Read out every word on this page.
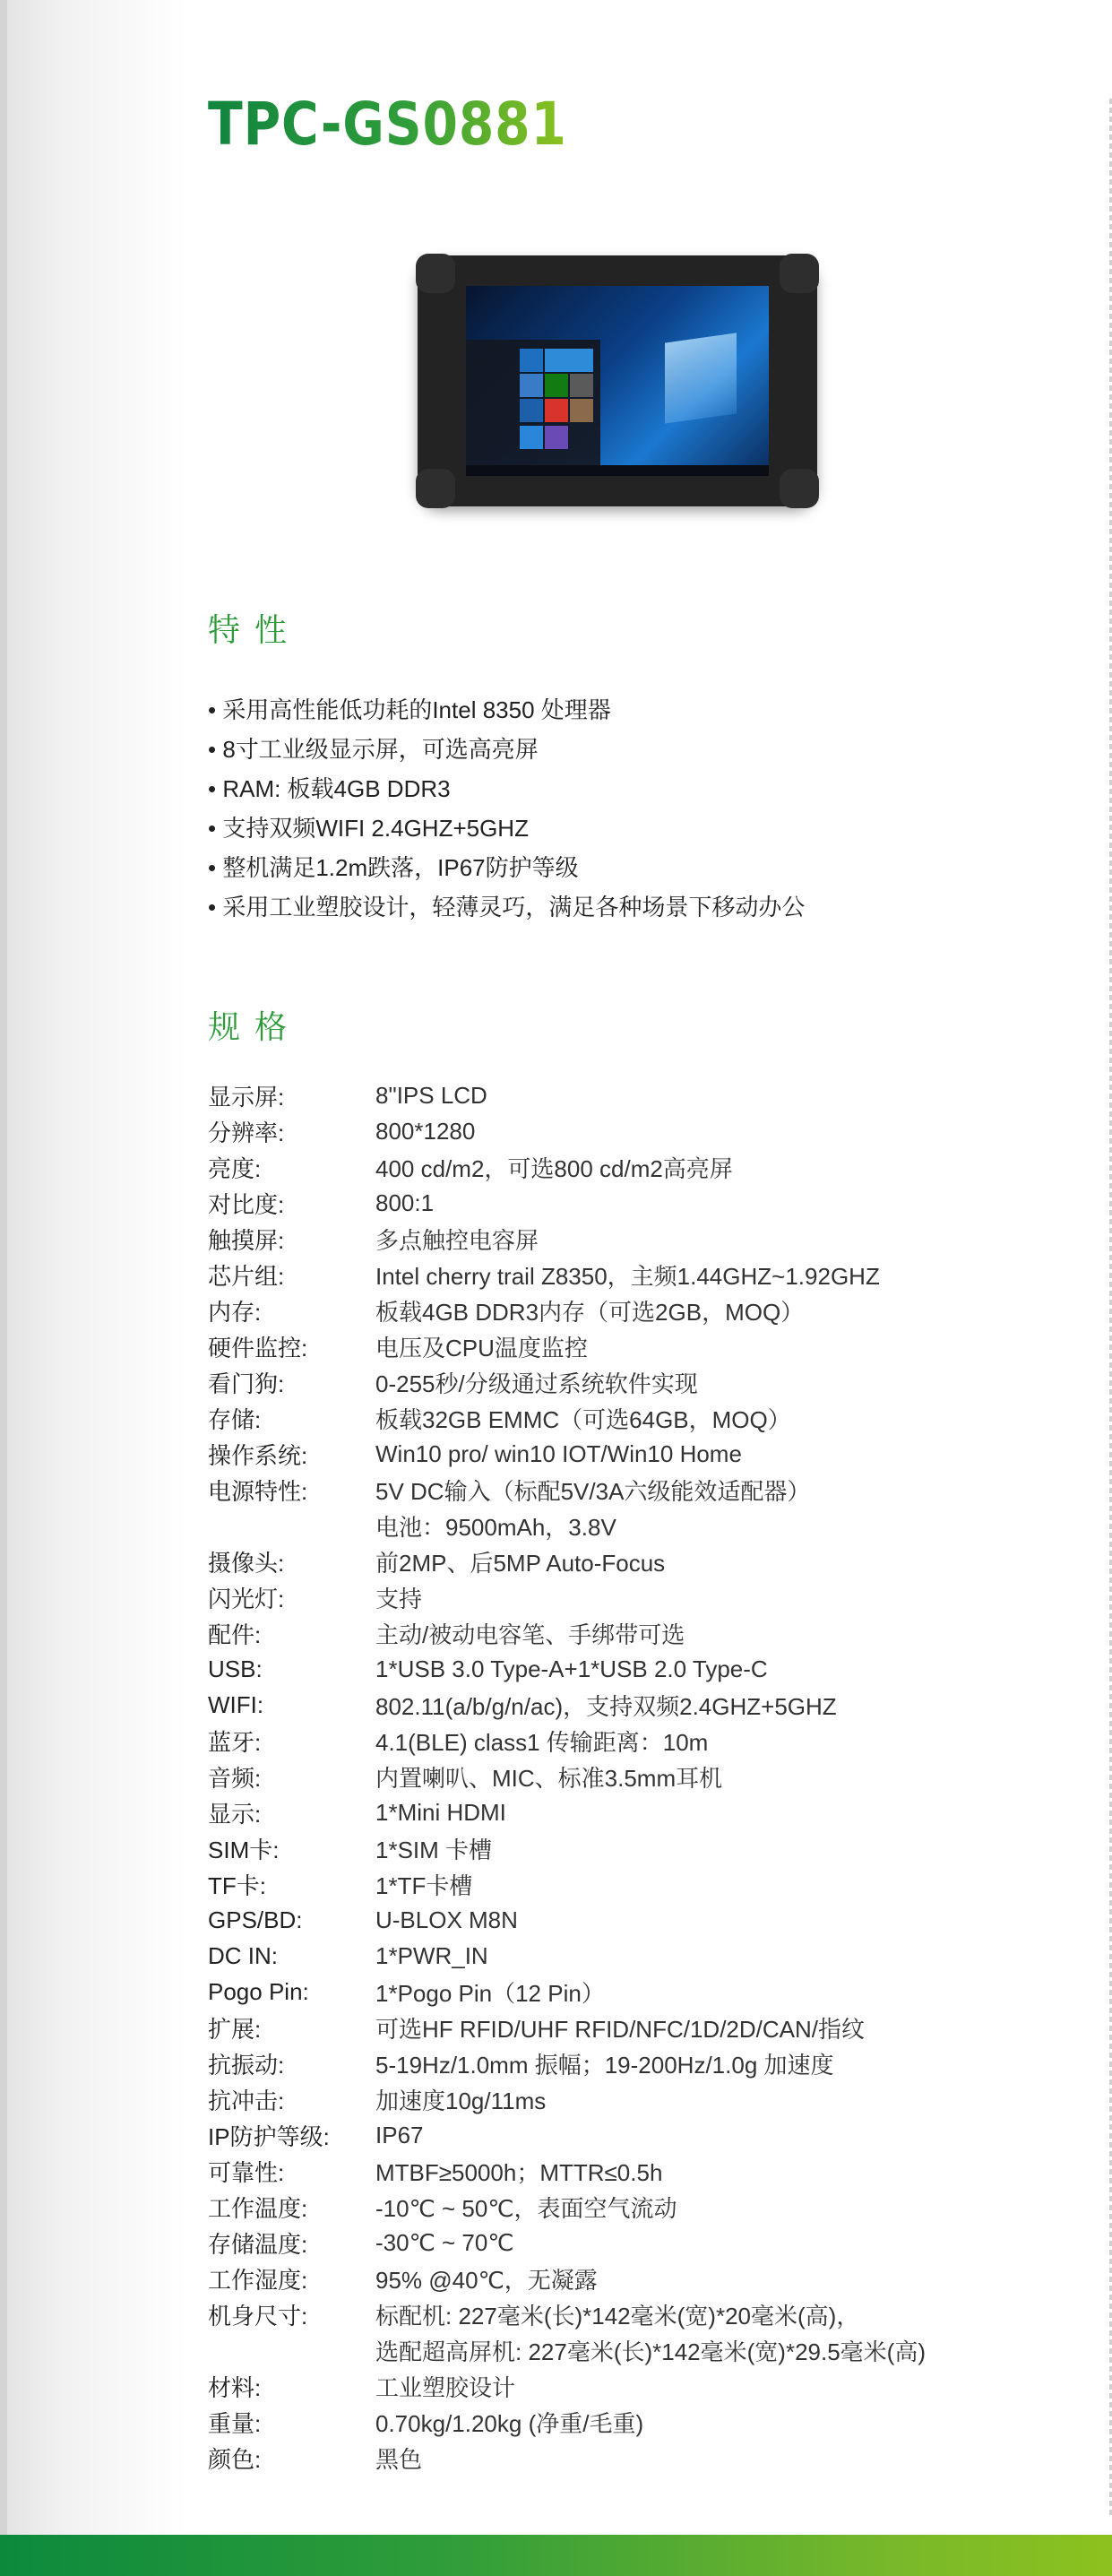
TPC-GS0881
特性
• 采用高性能低功耗的Intel 8350 处理器
• 8寸工业级显示屏，可选高亮屏
• RAM: 板载4GB DDR3
• 支持双频WIFI 2.4GHZ+5GHZ
• 整机满足1.2m跌落，IP67防护等级
• 采用工业塑胶设计，轻薄灵巧，满足各种场景下移动办公
规格
显示屏:	8"IPS LCD
分辨率:	800*1280
亮度:	400 cd/m2，可选800 cd/m2高亮屏
对比度:	800:1
触摸屏:	多点触控电容屏
芯片组:	Intel cherry trail Z8350，主频1.44GHZ~1.92GHZ
内存:	板载4GB DDR3内存（可选2GB，MOQ）
硬件监控:	电压及CPU温度监控
看门狗:	0-255秒/分级通过系统软件实现
存储:	板载32GB EMMC（可选64GB，MOQ）
操作系统:	Win10 pro/ win10 IOT/Win10 Home
电源特性:	5V DC输入（标配5V/3A六级能效适配器）
电池：9500mAh，3.8V
摄像头:	前2MP、后5MP Auto-Focus
闪光灯:	支持
配件:	主动/被动电容笔、手绑带可选
USB:	1*USB 3.0 Type-A+1*USB 2.0 Type-C
WIFI:	802.11(a/b/g/n/ac)，支持双频2.4GHZ+5GHZ
蓝牙:	4.1(BLE) class1 传输距离：10m
音频:	内置喇叭、MIC、标准3.5mm耳机
显示:	1*Mini HDMI
SIM卡:	1*SIM 卡槽
TF卡:	1*TF卡槽
GPS/BD:	U-BLOX M8N
DC IN:	1*PWR_IN
Pogo Pin:	1*Pogo Pin（12 Pin）
扩展:	可选HF RFID/UHF RFID/NFC/1D/2D/CAN/指纹
抗振动:	5-19Hz/1.0mm 振幅；19-200Hz/1.0g 加速度
抗冲击:	加速度10g/11ms
IP防护等级:	IP67
可靠性:	MTBF≥5000h；MTTR≤0.5h
工作温度:	-10℃ ~ 50℃，表面空气流动
存储温度:	-30℃ ~ 70℃
工作湿度:	95% @40℃，无凝露
机身尺寸:	标配机: 227毫米(长)*142毫米(宽)*20毫米(高)，
选配超高屏机: 227毫米(长)*142毫米(宽)*29.5毫米(高)
材料:	工业塑胶设计
重量:	0.70kg/1.20kg (净重/毛重)
颜色:	黑色
